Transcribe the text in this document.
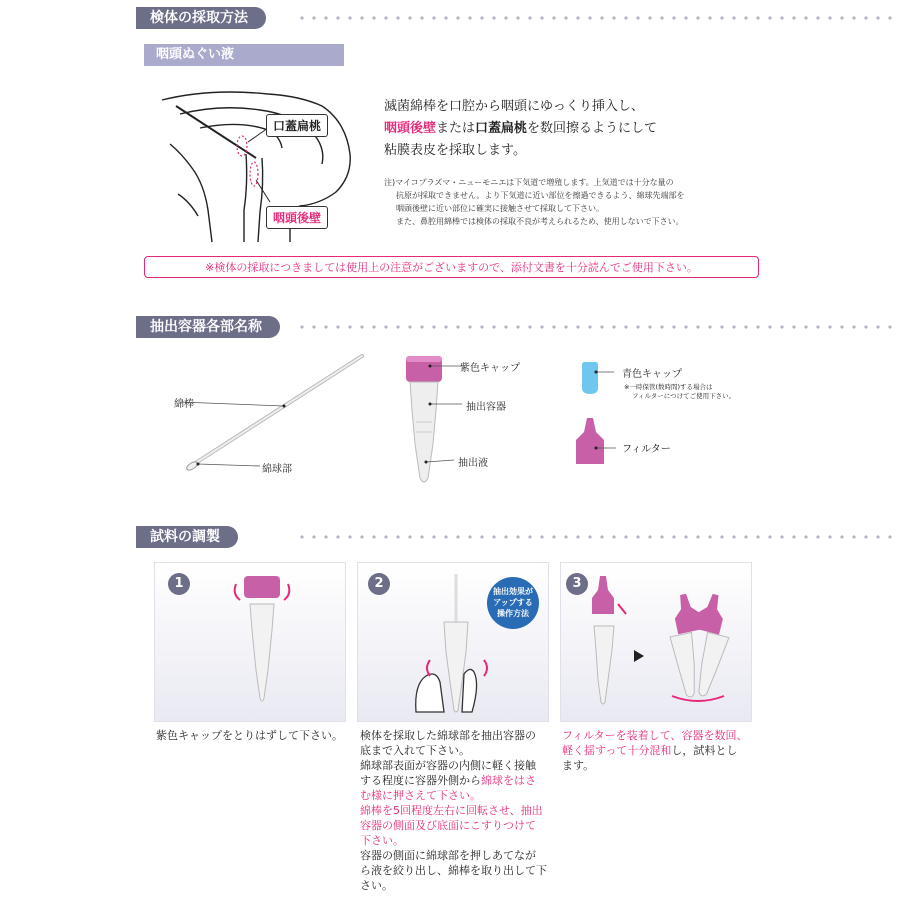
検体の採取方法
咽頭ぬぐい液
口蓋扁桃
咽頭後壁
滅菌綿棒を口腔から咽頭にゆっくり挿入し、
咽頭後壁または口蓋扁桃を数回擦るようにして
粘膜表皮を採取します。
注)マイコプラズマ・ニューモニエは下気道で増殖します。上気道では十分な量の
抗原が採取できません。より下気道に近い部位を擦過できるよう、綿球先端部を
咽頭後壁に近い部位に確実に接触させて採取して下さい。
また、鼻腔用綿棒では検体の採取不良が考えられるため、使用しないで下さい。
※検体の採取につきましては使用上の注意がございますので、添付文書を十分読んでご使用下さい。
抽出容器各部名称
綿棒
綿球部
紫色キャップ
抽出容器
抽出液
青色キャップ
※一時保管(数時間)する場合は
フィルターにつけてご使用下さい。
フィルター
試料の調製
1
紫色キャップをとりはずして下さい。
2
抽出効果が
アップする
操作方法
検体を採取した綿球部を抽出容器の
底まで入れて下さい。
綿球部表面が容器の内側に軽く接触
する程度に容器外側から綿球をはさ
む様に押さえて下さい。
綿棒を5回程度左右に回転させ、抽出
容器の側面及び底面にこすりつけて
下さい。
容器の側面に綿球部を押しあてなが
ら液を絞り出し、綿棒を取り出して下
さい。
3
フィルターを装着して、容器を数回、
軽く揺すって十分混和し，試料とし
ます。
